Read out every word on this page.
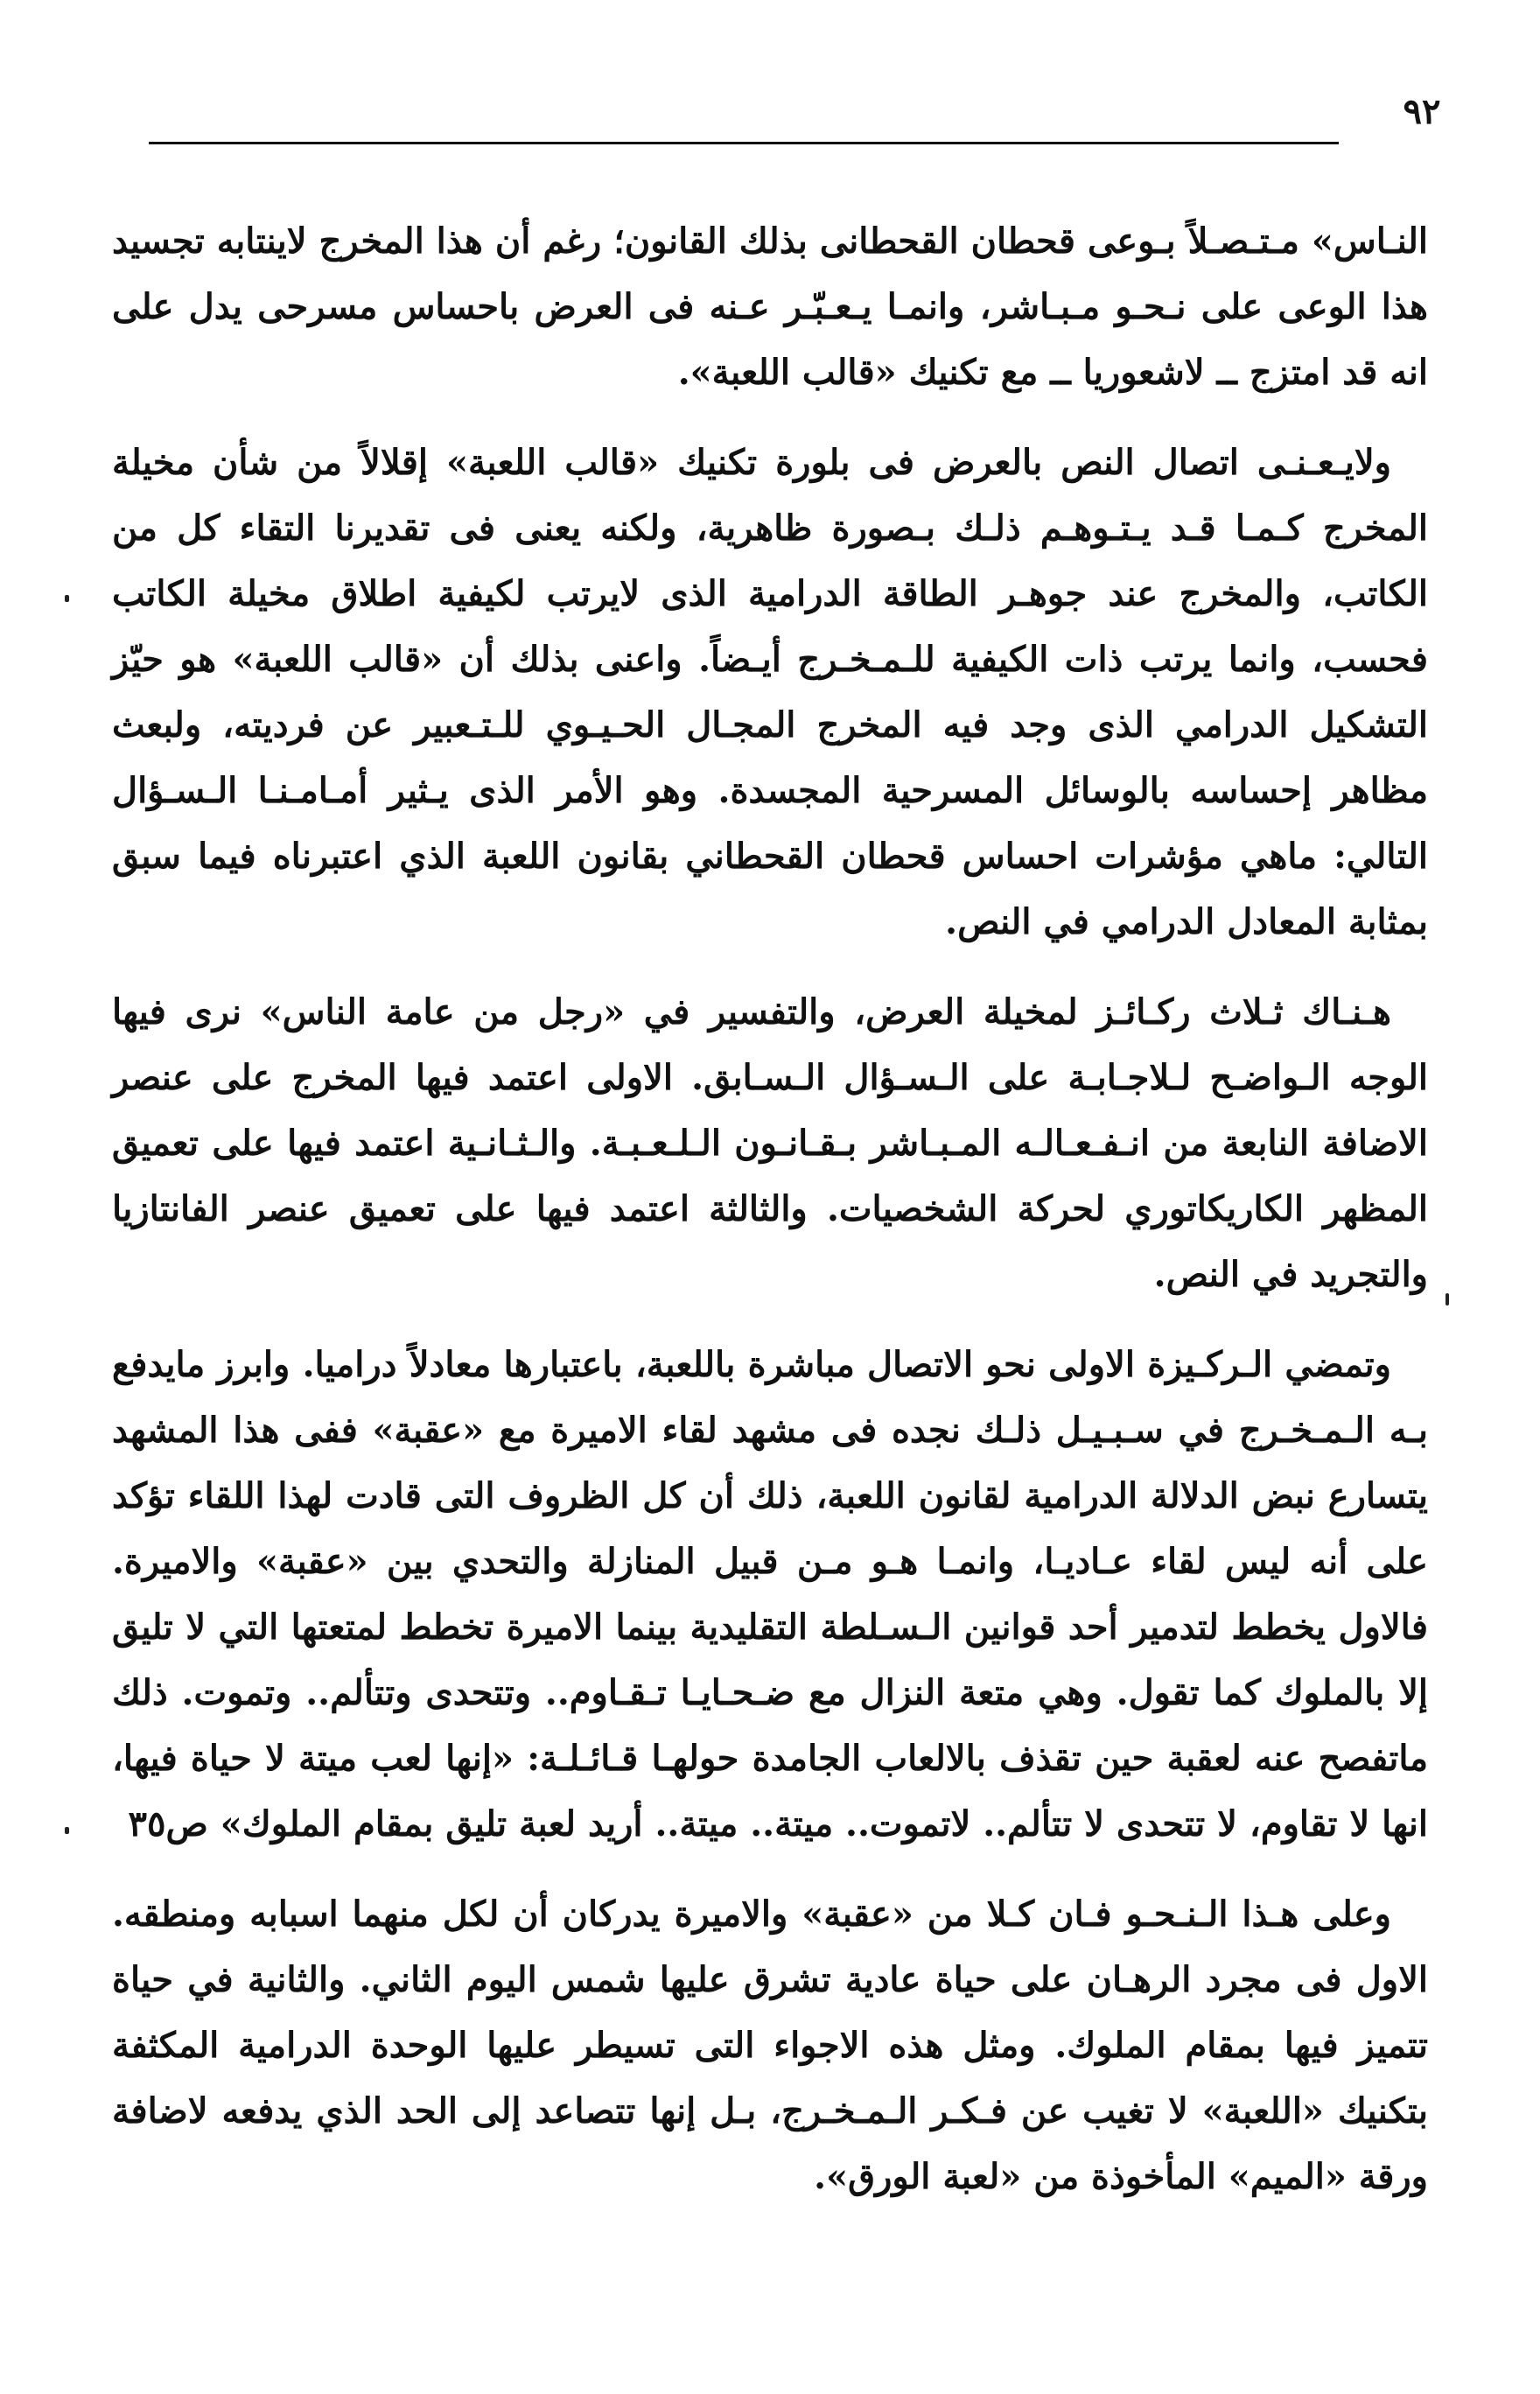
٩٢

النـاس» مـتـصـلاً بـوعى قحطان القحطانى بذلك القانون؛ رغم أن هذا المخرج لاينتابه تجسيد هذا الوعى على نـحـو مـبـاشر، وانمـا يـعـبّـر عـنه فى العرض باحساس مسرحى يدل على انه قد امتزج ــ لاشعوريا ــ مع تكنيك «قالب اللعبة».

ولايـعـنـى اتصال النص بالعرض فى بلورة تكنيك «قالب اللعبة» إقلالاً من شأن مخيلة المخرج كـمـا قـد يـتـوهـم ذلـك بـصورة ظاهرية، ولكنه يعنى فى تقديرنا التقاء كل من الكاتب، والمخرج عند جوهـر الطاقة الدرامية الذى لايرتب لكيفية اطلاق مخيلة الكاتب فحسب، وانما يرتب ذات الكيفية للـمـخـرج أيـضاً. واعنى بذلك أن «قالب اللعبة» هو حيّز التشكيل الدرامي الذى وجد فيه المخرج المجـال الحـيـوي للـتـعبير عن فرديته، ولبعث مظاهر إحساسه بالوسائل المسرحية المجسدة. وهو الأمر الذى يـثير أمـامـنـا الـسـؤال التالي: ماهي مؤشرات احساس قحطان القحطاني بقانون اللعبة الذي اعتبرناه فيما سبق بمثابة المعادل الدرامي في النص.

هـنـاك ثـلاث ركـائـز لمخيلة العرض، والتفسير في «رجل من عامة الناس» نرى فيها الوجه الـواضـح لـلاجـابـة على الـسـؤال الـسـابق. الاولى اعتمد فيها المخرج على عنصر الاضافة النابعة من انـفـعـالـه المـبـاشر بـقـانـون الـلـعـبـة. والـثـانـية اعتمد فيها على تعميق المظهر الكاريكاتوري لحركة الشخصيات. والثالثة اعتمد فيها على تعميق عنصر الفانتازيا والتجريد في النص.

وتمضي الـركـيزة الاولى نحو الاتصال مباشرة باللعبة، باعتبارها معادلاً دراميا. وابرز مايدفع بـه الـمـخـرج في سـبـيـل ذلـك نجده فى مشهد لقاء الاميرة مع «عقبة» ففى هذا المشهد يتسارع نبض الدلالة الدرامية لقانون اللعبة، ذلك أن كل الظروف التى قادت لهذا اللقاء تؤكد على أنه ليس لقاء عـاديـا، وانمـا هـو مـن قبيل المنازلة والتحدي بين «عقبة» والاميرة. فالاول يخطط لتدمير أحد قوانين الـسـلطة التقليدية بينما الاميرة تخطط لمتعتها التي لا تليق إلا بالملوك كما تقول. وهي متعة النزال مع ضـحـايـا تـقـاوم.. وتتحدى وتتألم.. وتموت. ذلك ماتفصح عنه لعقبة حين تقذف بالالعاب الجامدة حولهـا قـائـلـة: «إنها لعب ميتة لا حياة فيها، انها لا تقاوم، لا تتحدى لا تتألم.. لاتموت.. ميتة.. ميتة.. أريد لعبة تليق بمقام الملوك» ص٣٥

وعلى هـذا الـنـحـو فـان كـلا من «عقبة» والاميرة يدركان أن لكل منهما اسبابه ومنطقه. الاول فى مجرد الرهـان على حياة عادية تشرق عليها شمس اليوم الثاني. والثانية في حياة تتميز فيها بمقام الملوك. ومثل هذه الاجواء التى تسيطر عليها الوحدة الدرامية المكثفة بتكنيك «اللعبة» لا تغيب عن فـكـر الـمـخـرج، بـل إنها تتصاعد إلى الحد الذي يدفعه لاضافة ورقة «الميم» المأخوذة من «لعبة الورق».
